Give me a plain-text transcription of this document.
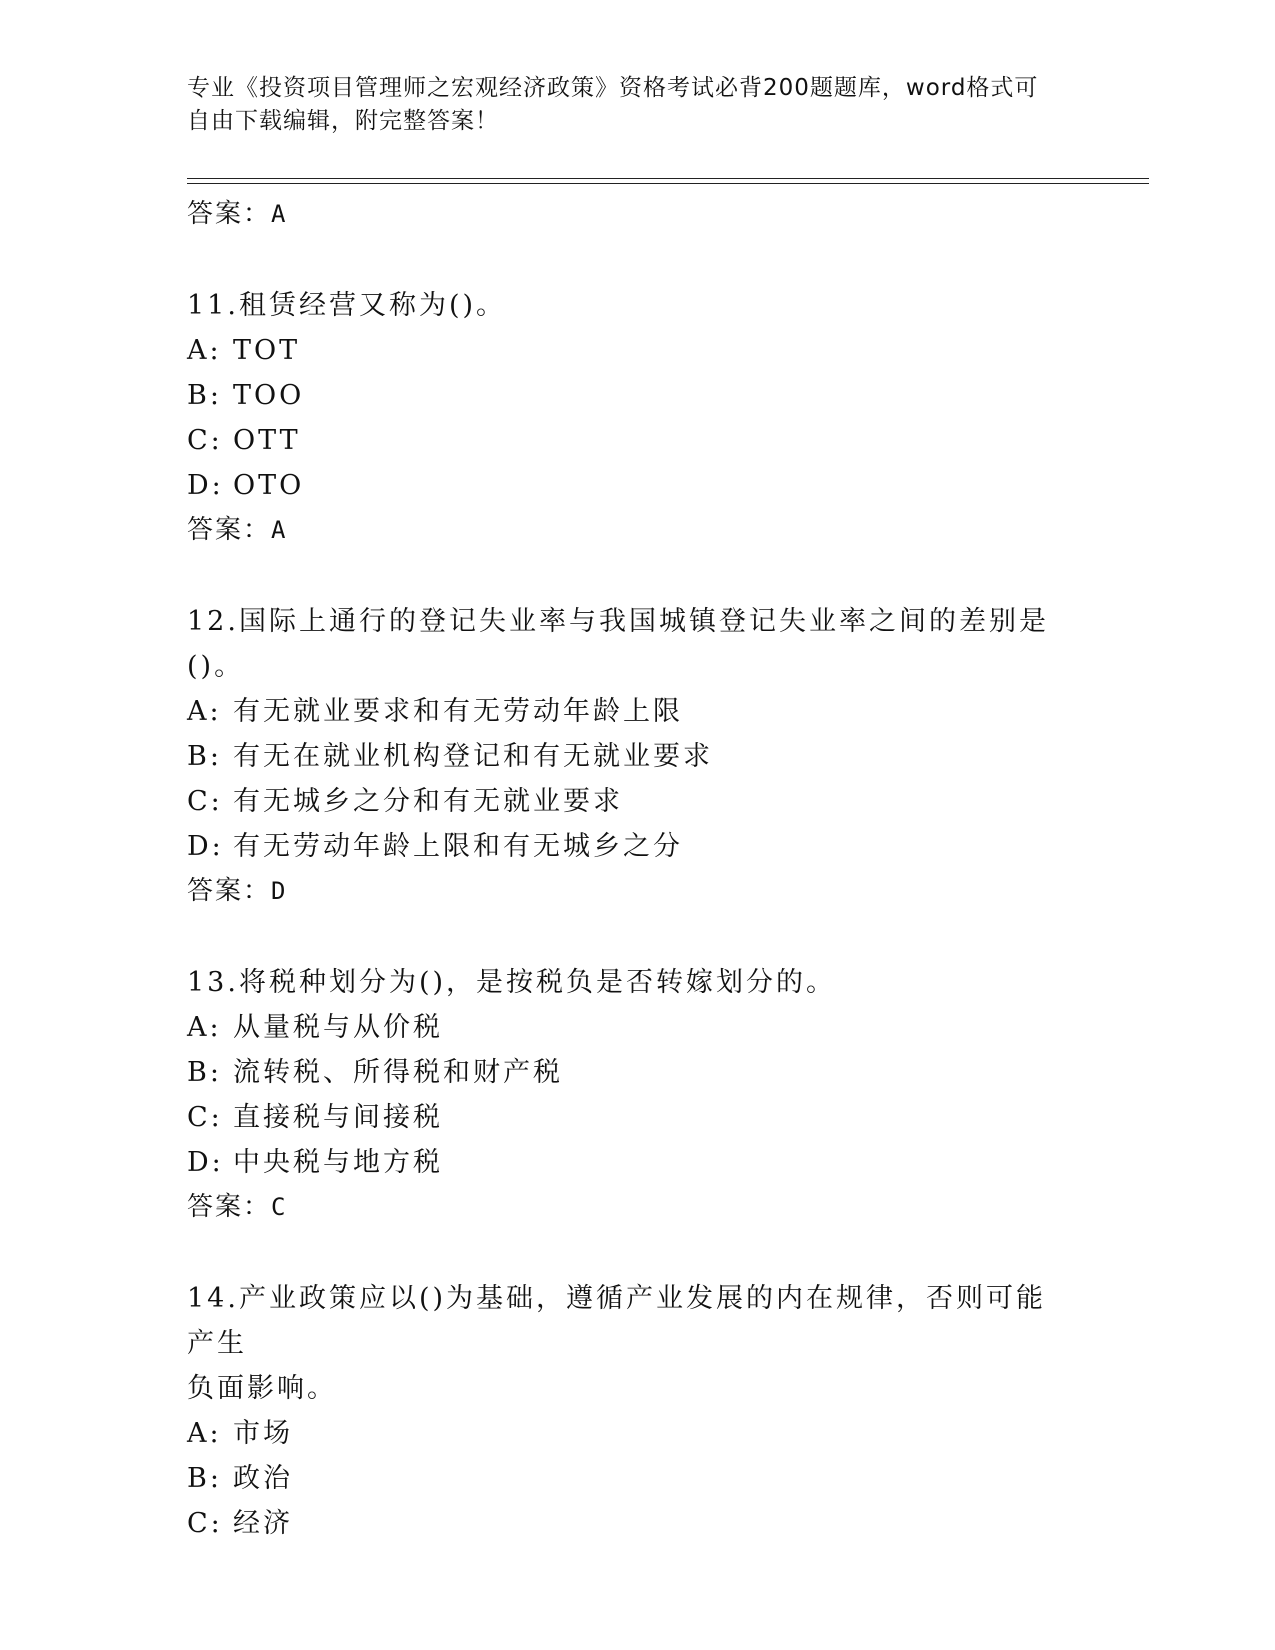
专业《投资项目管理师之宏观经济政策》资格考试必背200题题库，word格式可
自由下载编辑，附完整答案！
答案：A
11.租赁经营又称为()。
A: TOT
B: TOO
C: OTT
D: OTO
答案：A
12.国际上通行的登记失业率与我国城镇登记失业率之间的差别是()。
A: 有无就业要求和有无劳动年龄上限
B: 有无在就业机构登记和有无就业要求
C: 有无城乡之分和有无就业要求
D: 有无劳动年龄上限和有无城乡之分
答案：D
13.将税种划分为()，是按税负是否转嫁划分的。
A: 从量税与从价税
B: 流转税、所得税和财产税
C: 直接税与间接税
D: 中央税与地方税
答案：C
14.产业政策应以()为基础，遵循产业发展的内在规律，否则可能产生
负面影响。
A: 市场
B: 政治
C: 经济
